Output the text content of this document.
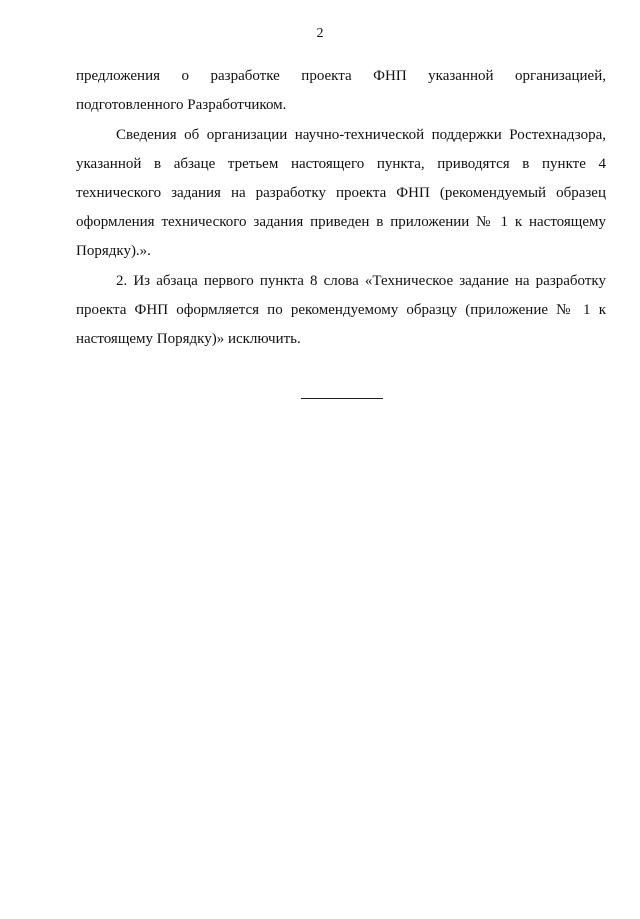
2

предложения о разработке проекта ФНП указанной организацией, подготовленного Разработчиком.

Сведения об организации научно-технической поддержки Ростехнадзора, указанной в абзаце третьем настоящего пункта, приводятся в пункте 4 технического задания на разработку проекта ФНП (рекомендуемый образец оформления технического задания приведен в приложении № 1 к настоящему Порядку).».

2. Из абзаца первого пункта 8 слова «Техническое задание на разработку проекта ФНП оформляется по рекомендуемому образцу (приложение № 1 к настоящему Порядку)» исключить.
